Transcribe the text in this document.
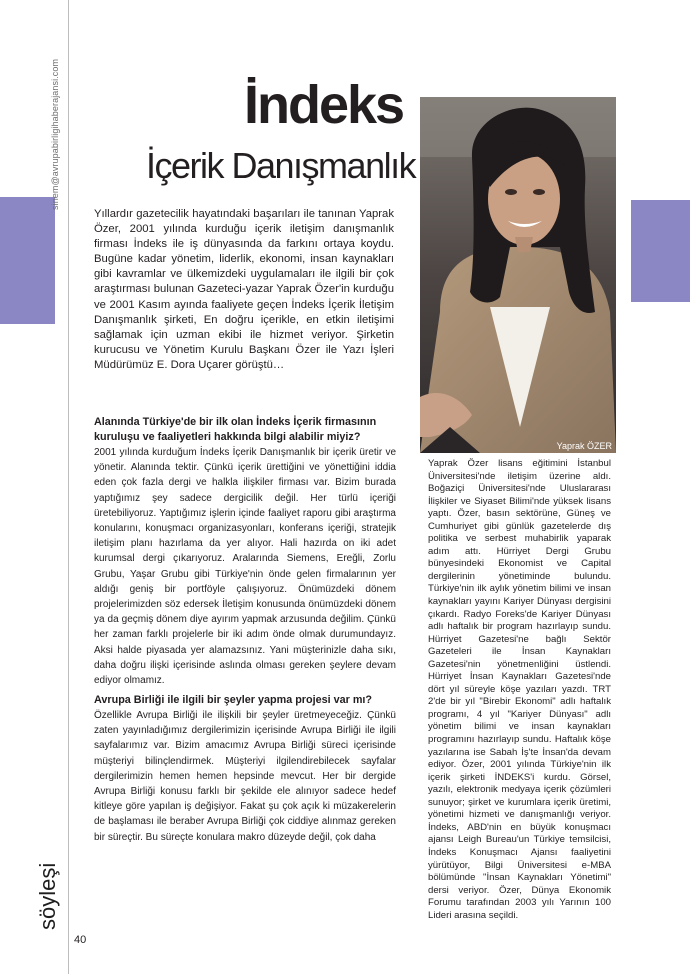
sinem@avrupabirligihaberajansi.com
söyleşi
İndeks
İçerik Danışmanlık

Yıllardır gazetecilik hayatındaki başarıları ile tanınan Yaprak Özer, 2001 yılında kurduğu içerik iletişim danışmanlık firması İndeks ile iş dünyasında da farkını ortaya koydu. Bugüne kadar yönetim, liderlik, ekonomi, insan kaynakları gibi kavramlar ve ülkemizdeki uygulamaları ile ilgili bir çok araştırması bulunan Gazeteci-yazar Yaprak Özer'in kurduğu ve 2001 Kasım ayında faaliyete geçen İndeks İçerik İletişim Danışmanlık şirketi, En doğru içerikle, en etkin iletişimi sağlamak için uzman ekibi ile hizmet veriyor. Şirketin kurucusu ve Yönetim Kurulu Başkanı Özer ile Yazı İşleri Müdürümüz E. Dora Uçarer görüştü…

Yaprak ÖZER

Alanında Türkiye'de bir ilk olan İndeks İçerik firmasının kuruluşu ve faaliyetleri hakkında bilgi alabilir miyiz?

2001 yılında kurduğum İndeks İçerik Danışmanlık bir içerik üretir ve yönetir. Alanında tektir. Çünkü içerik ürettiğini ve yönettiğini iddia eden çok fazla dergi ve halkla ilişkiler firması var. Bizim burada yaptığımız şey sadece dergicilik değil. Her türlü içeriği üretebiliyoruz. Yaptığımız işlerin içinde faaliyet raporu gibi araştırma konularını, konuşmacı organizasyonları, konferans içeriği, stratejik iletişim planı hazırlama da yer alıyor. Hali hazırda on iki adet kurumsal dergi çıkarıyoruz. Aralarında Siemens, Ereğli, Zorlu Grubu, Yaşar Grubu gibi Türkiye'nin önde gelen firmalarının yer aldığı geniş bir portföyle çalışıyoruz. Önümüzdeki dönem projelerimizden söz edersek İletişim konusunda önümüzdeki dönem ya da geçmiş dönem diye ayırım yapmak arzusunda değilim. Çünkü her zaman farklı projelerle bir iki adım önde olmak durumundayız. Aksi halde piyasada yer alamazsınız. Yani müşterinizle daha sıkı, daha doğru ilişki içerisinde aslında olması gereken şeylere devam ediyor olmamız.

Avrupa Birliği ile ilgili bir şeyler yapma projesi var mı?

Özellikle Avrupa Birliği ile ilişkili bir şeyler üretmeyeceğiz. Çünkü zaten yayınladığımız dergilerimizin içerisinde Avrupa Birliği ile ilgili sayfalarımız var. Bizim amacımız Avrupa Birliği süreci içerisinde müşteriyi bilinçlendirmek. Müşteriyi ilgilendirebilecek sayfalar dergilerimizin hemen hemen hepsinde mevcut. Her bir dergide Avrupa Birliği konusu farklı bir şekilde ele alınıyor sadece hedef kitleye göre yapılan iş değişiyor. Fakat şu çok açık ki müzakerelerin de başlaması ile beraber Avrupa Birliği çok ciddiye alınmaz gereken bir süreçtir. Bu süreçte konulara makro düzeyde değil, çok daha

Yaprak Özer lisans eğitimini İstanbul Üniversitesi'nde iletişim üzerine aldı. Boğaziçi Üniversitesi'nde Uluslararası İlişkiler ve Siyaset Bilimi'nde yüksek lisans yaptı. Özer, basın sektörüne, Güneş ve Cumhuriyet gibi günlük gazetelerde dış politika ve serbest muhabirlik yaparak adım attı. Hürriyet Dergi Grubu bünyesindeki Ekonomist ve Capital dergilerinin yönetiminde bulundu. Türkiye'nin ilk aylık yönetim bilimi ve insan kaynakları yayını Kariyer Dünyası dergisini çıkardı. Radyo Foreks'de Kariyer Dünyası adlı haftalık bir program hazırlayıp sundu. Hürriyet Gazetesi'ne bağlı Sektör Gazeteleri ile İnsan Kaynakları Gazetesi'nin yönetmenliğini üstlendi. Hürriyet İnsan Kaynakları Gazetesi'nde dört yıl süreyle köşe yazıları yazdı. TRT 2'de bir yıl "Birebir Ekonomi" adlı haftalık programı, 4 yıl "Kariyer Dünyası" adlı yönetim bilimi ve insan kaynakları programını hazırlayıp sundu. Haftalık köşe yazılarına ise Sabah İş'te İnsan'da devam ediyor. Özer, 2001 yılında Türkiye'nin ilk içerik şirketi İNDEKS'i kurdu. Görsel, yazılı, elektronik medyaya içerik çözümleri sunuyor; şirket ve kurumlara içerik üretimi, yönetimi hizmeti ve danışmanlığı veriyor. İndeks, ABD'nin en büyük konuşmacı ajansı Leigh Bureau'un Türkiye temsilcisi, İndeks Konuşmacı Ajansı faaliyetini yürütüyor, Bilgi Üniversitesi e-MBA bölümünde "İnsan Kaynakları Yönetimi" dersi veriyor. Özer, Dünya Ekonomik Forumu tarafından 2003 yılı Yarının 100 Lideri arasına seçildi.

40
